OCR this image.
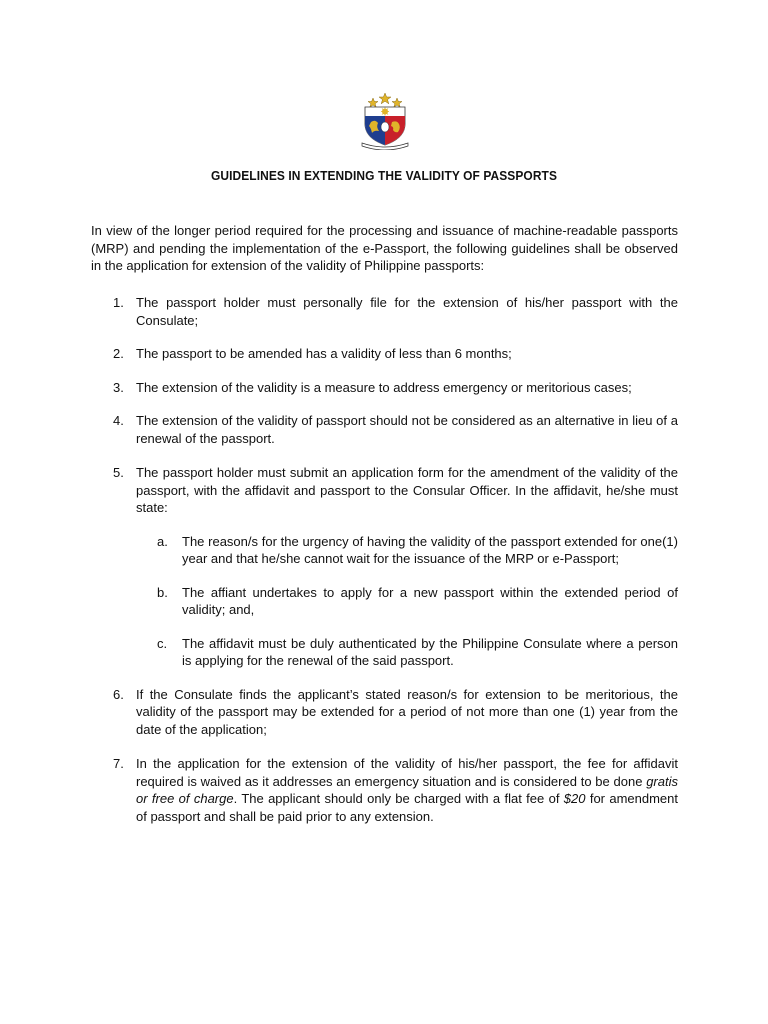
GUIDELINES IN EXTENDING THE VALIDITY OF PASSPORTS

In view of the longer period required for the processing and issuance of machine-readable passports (MRP) and pending the implementation of the e-Passport, the following guidelines shall be observed in the application for extension of the validity of Philippine passports:

1. The passport holder must personally file for the extension of his/her passport with the Consulate;
2. The passport to be amended has a validity of less than 6 months;
3. The extension of the validity is a measure to address emergency or meritorious cases;
4. The extension of the validity of passport should not be considered as an alternative in lieu of a renewal of the passport.
5. The passport holder must submit an application form for the amendment of the validity of the passport, with the affidavit and passport to the Consular Officer. In the affidavit, he/she must state:
a. The reason/s for the urgency of having the validity of the passport extended for one(1) year and that he/she cannot wait for the issuance of the MRP or e-Passport;
b. The affiant undertakes to apply for a new passport within the extended period of validity; and,
c. The affidavit must be duly authenticated by the Philippine Consulate where a person is applying for the renewal of the said passport.
6. If the Consulate finds the applicant’s stated reason/s for extension to be meritorious, the validity of the passport may be extended for a period of not more than one (1) year from the date of the application;
7. In the application for the extension of the validity of his/her passport, the fee for affidavit required is waived as it addresses an emergency situation and is considered to be done gratis or free of charge. The applicant should only be charged with a flat fee of $20 for amendment of passport and shall be paid prior to any extension.
